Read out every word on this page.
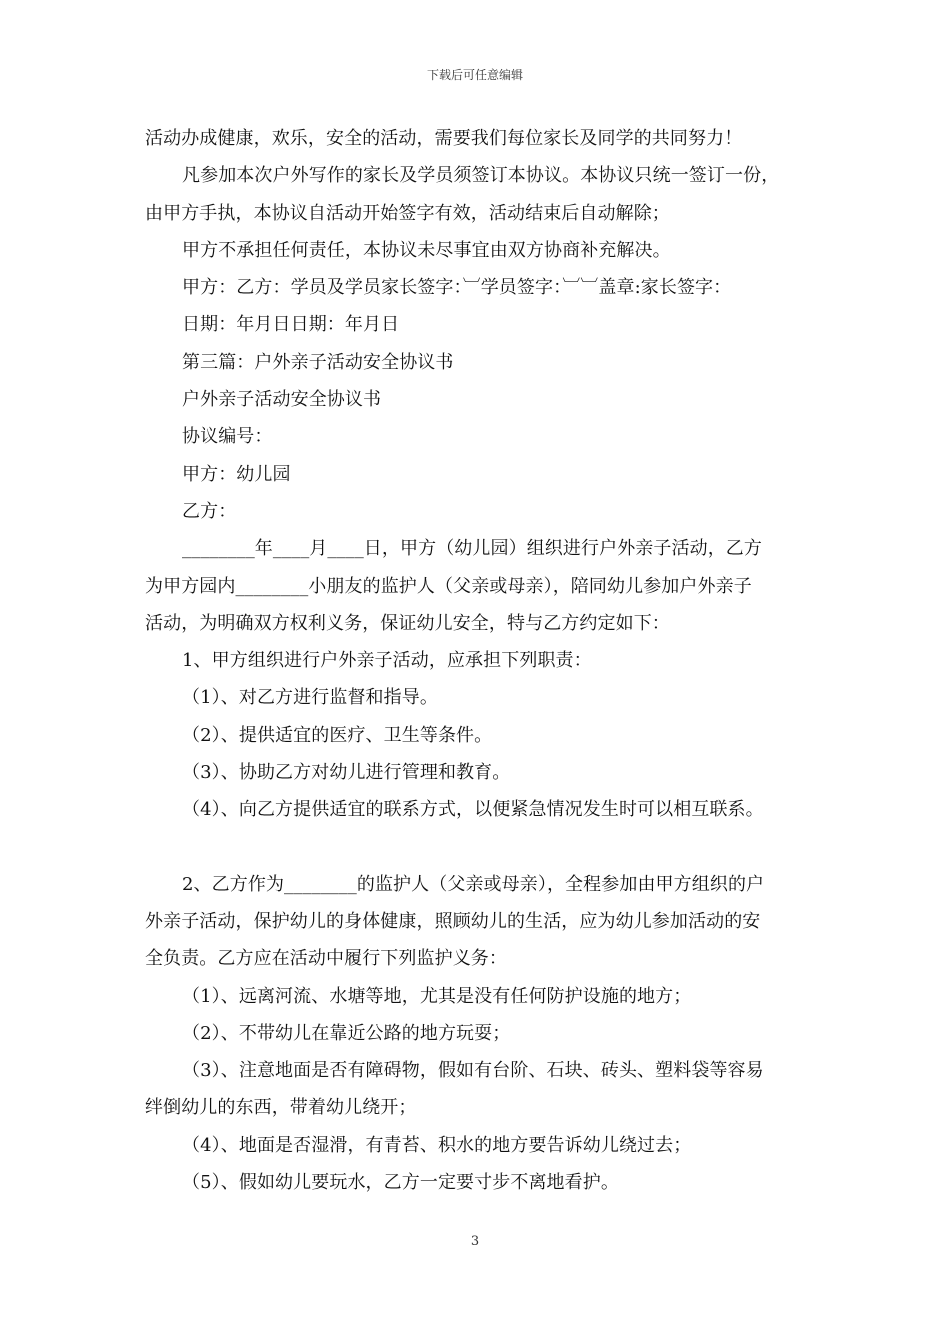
下载后可任意编辑

活动办成健康，欢乐，安全的活动，需要我们每位家长及同学的共同努力！

凡参加本次户外写作的家长及学员须签订本协议。本协议只统一签订一份，

由甲方手执，本协议自活动开始签字有效，活动结束后自动解除；

甲方不承担任何责任，本协议未尽事宜由双方协商补充解决。

甲方：乙方：学员及学员家长签字：︺学员签字：︺︺盖章:家长签字：

日期：年月日日期：年月日

第三篇：户外亲子活动安全协议书

户外亲子活动安全协议书

协议编号：

甲方：幼儿园

乙方：

________年____月____日，甲方（幼儿园）组织进行户外亲子活动，乙方

为甲方园内________小朋友的监护人（父亲或母亲），陪同幼儿参加户外亲子

活动，为明确双方权利义务，保证幼儿安全，特与乙方约定如下：

1、甲方组织进行户外亲子活动，应承担下列职责：

（1）、对乙方进行监督和指导。

（2）、提供适宜的医疗、卫生等条件。

（3）、协助乙方对幼儿进行管理和教育。

（4）、向乙方提供适宜的联系方式，以便紧急情况发生时可以相互联系。

2、乙方作为________的监护人（父亲或母亲），全程参加由甲方组织的户

外亲子活动，保护幼儿的身体健康，照顾幼儿的生活，应为幼儿参加活动的安

全负责。乙方应在活动中履行下列监护义务：

（1）、远离河流、水塘等地，尤其是没有任何防护设施的地方；

（2）、不带幼儿在靠近公路的地方玩耍；

（3）、注意地面是否有障碍物，假如有台阶、石块、砖头、塑料袋等容易

绊倒幼儿的东西，带着幼儿绕开；

（4）、地面是否湿滑，有青苔、积水的地方要告诉幼儿绕过去；

（5）、假如幼儿要玩水，乙方一定要寸步不离地看护。

3
